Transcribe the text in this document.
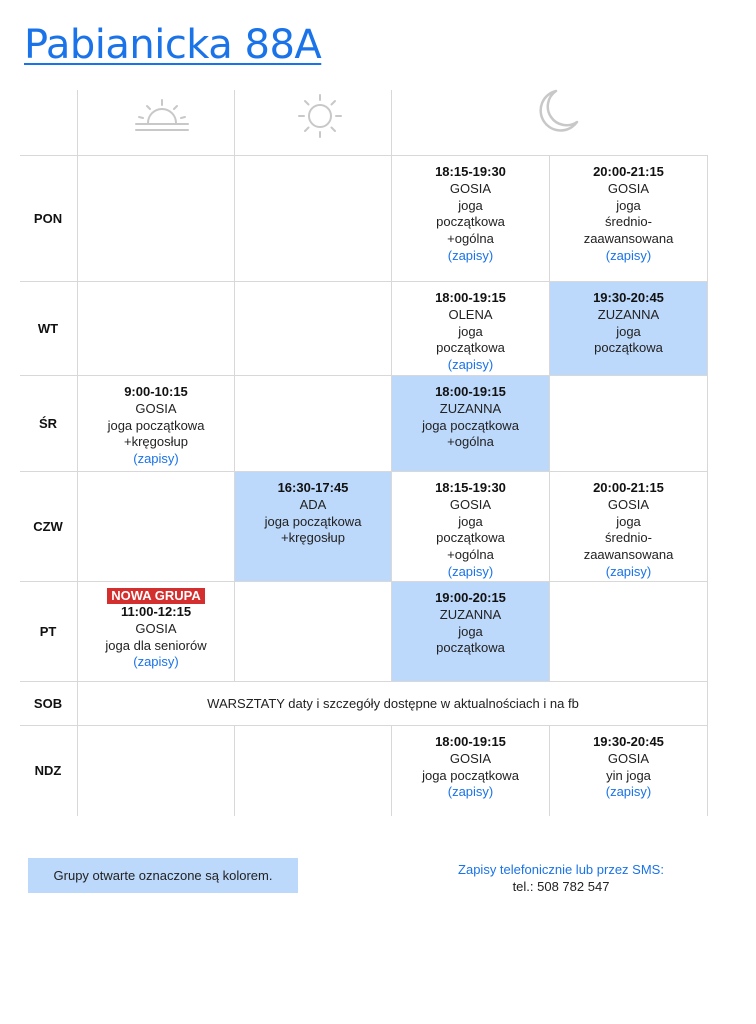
Pabianicka 88A
PON
WT
ŚR
CZW
PT
SOB
NDZ
18:15-19:30
GOSIA
joga
początkowa
+ogólna
(zapisy)
20:00-21:15
GOSIA
joga
średnio-
zaawansowana
(zapisy)
18:00-19:15
OLENA
joga
początkowa
(zapisy)
19:30-20:45
ZUZANNA
joga
początkowa
9:00-10:15
GOSIA
joga początkowa
+kręgosłup
(zapisy)
18:00-19:15
ZUZANNA
joga początkowa
+ogólna
16:30-17:45
ADA
joga początkowa
+kręgosłup
18:15-19:30
GOSIA
joga
początkowa
+ogólna
(zapisy)
20:00-21:15
GOSIA
joga
średnio-
zaawansowana
(zapisy)
NOWA GRUPA
11:00-12:15
GOSIA
joga dla seniorów
(zapisy)
19:00-20:15
ZUZANNA
joga
początkowa
WARSZTATY daty i szczegóły dostępne w aktualnościach i na fb
18:00-19:15
GOSIA
joga początkowa
(zapisy)
19:30-20:45
GOSIA
yin joga
(zapisy)
Grupy otwarte oznaczone są kolorem.	Zapisy telefonicznie lub przez SMS:
tel.: 508 782 547
